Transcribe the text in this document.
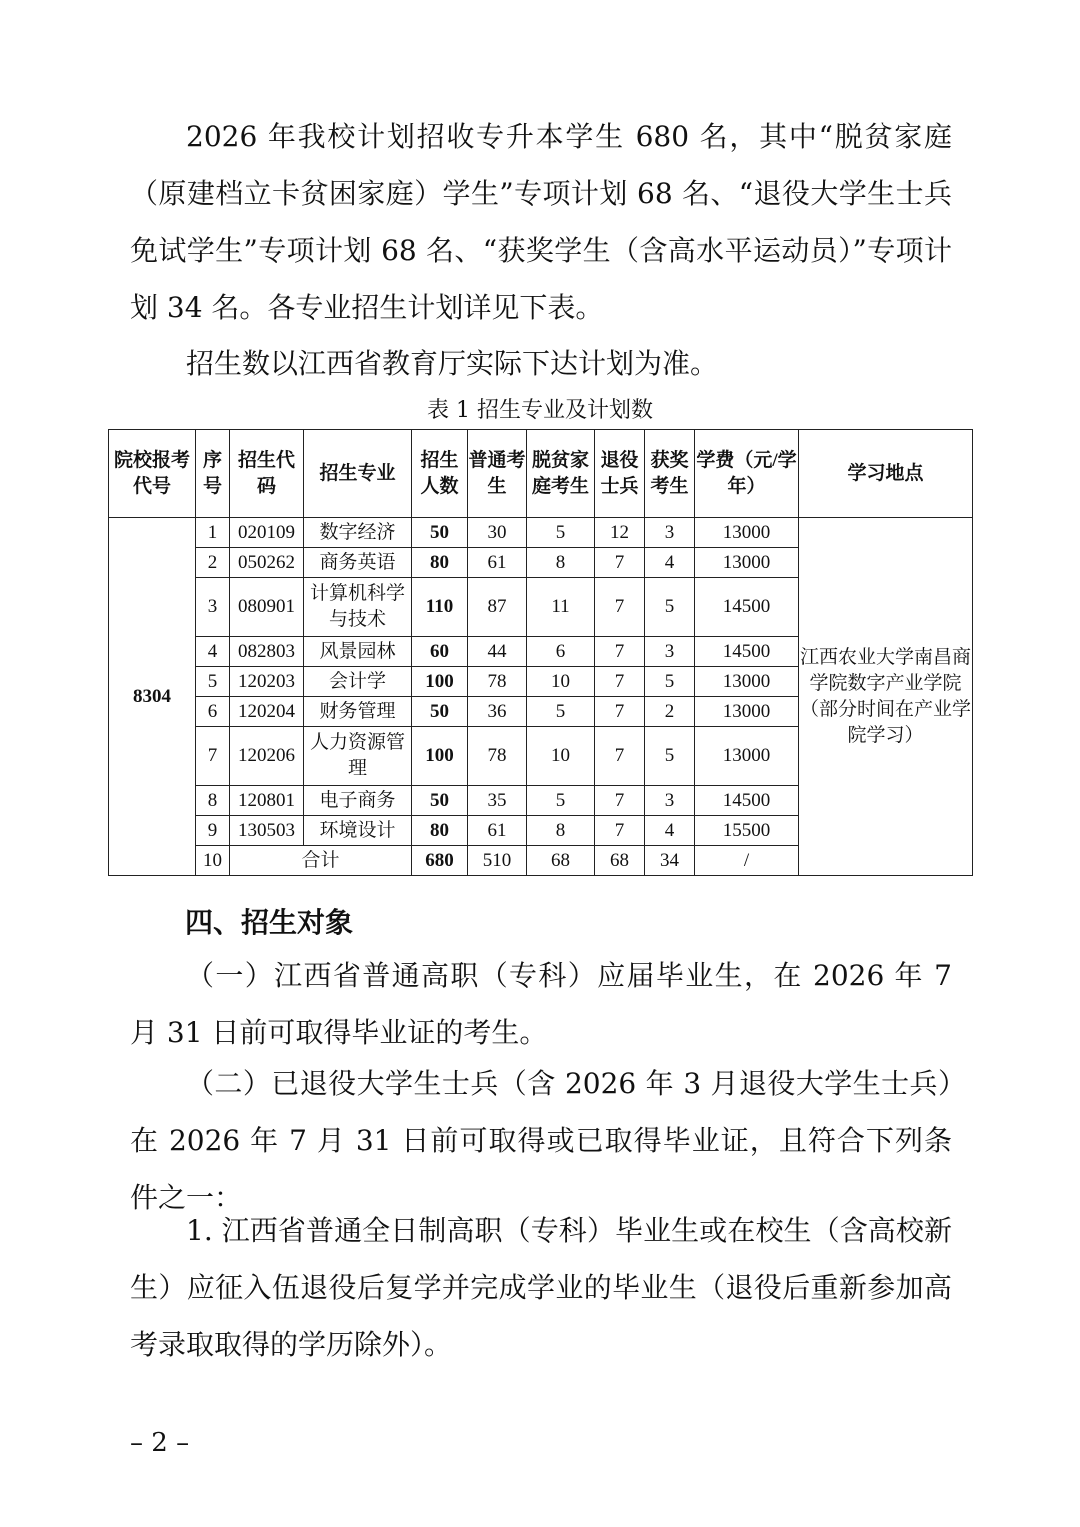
2026 年我校计划招收专升本学生 680 名，其中“脱贫家庭（原建档立卡贫困家庭）学生”专项计划 68 名、“退役大学生士兵免试学生”专项计划 68 名、“获奖学生（含高水平运动员）”专项计划 34 名。各专业招生计划详见下表。

招生数以江西省教育厅实际下达计划为准。

表 1 招生专业及计划数

院校报考代号	序号	招生代码	招生专业	招生人数	普通考生	脱贫家庭考生	退役士兵	获奖考生	学费（元/学年）	学习地点
8304	1	020109	数字经济	50	30	5	12	3	13000	江西农业大学南昌商学院数字产业学院（部分时间在产业学院学习）
	2	050262	商务英语	80	61	8	7	4	13000	
	3	080901	计算机科学与技术	110	87	11	7	5	14500	
	4	082803	风景园林	60	44	6	7	3	14500	
	5	120203	会计学	100	78	10	7	5	13000	
	6	120204	财务管理	50	36	5	7	2	13000	
	7	120206	人力资源管理	100	78	10	7	5	13000	
	8	120801	电子商务	50	35	5	7	3	14500	
	9	130503	环境设计	80	61	8	7	4	15500	
	10	合计		680	510	68	68	34	/	

四、招生对象

（一）江西省普通高职（专科）应届毕业生，在 2026 年 7 月 31 日前可取得毕业证的考生。

（二）已退役大学生士兵（含 2026 年 3 月退役大学生士兵）在 2026 年 7 月 31 日前可取得或已取得毕业证，且符合下列条件之一：

1. 江西省普通全日制高职（专科）毕业生或在校生（含高校新生）应征入伍退役后复学并完成学业的毕业生（退役后重新参加高考录取取得的学历除外）。

– 2 –
